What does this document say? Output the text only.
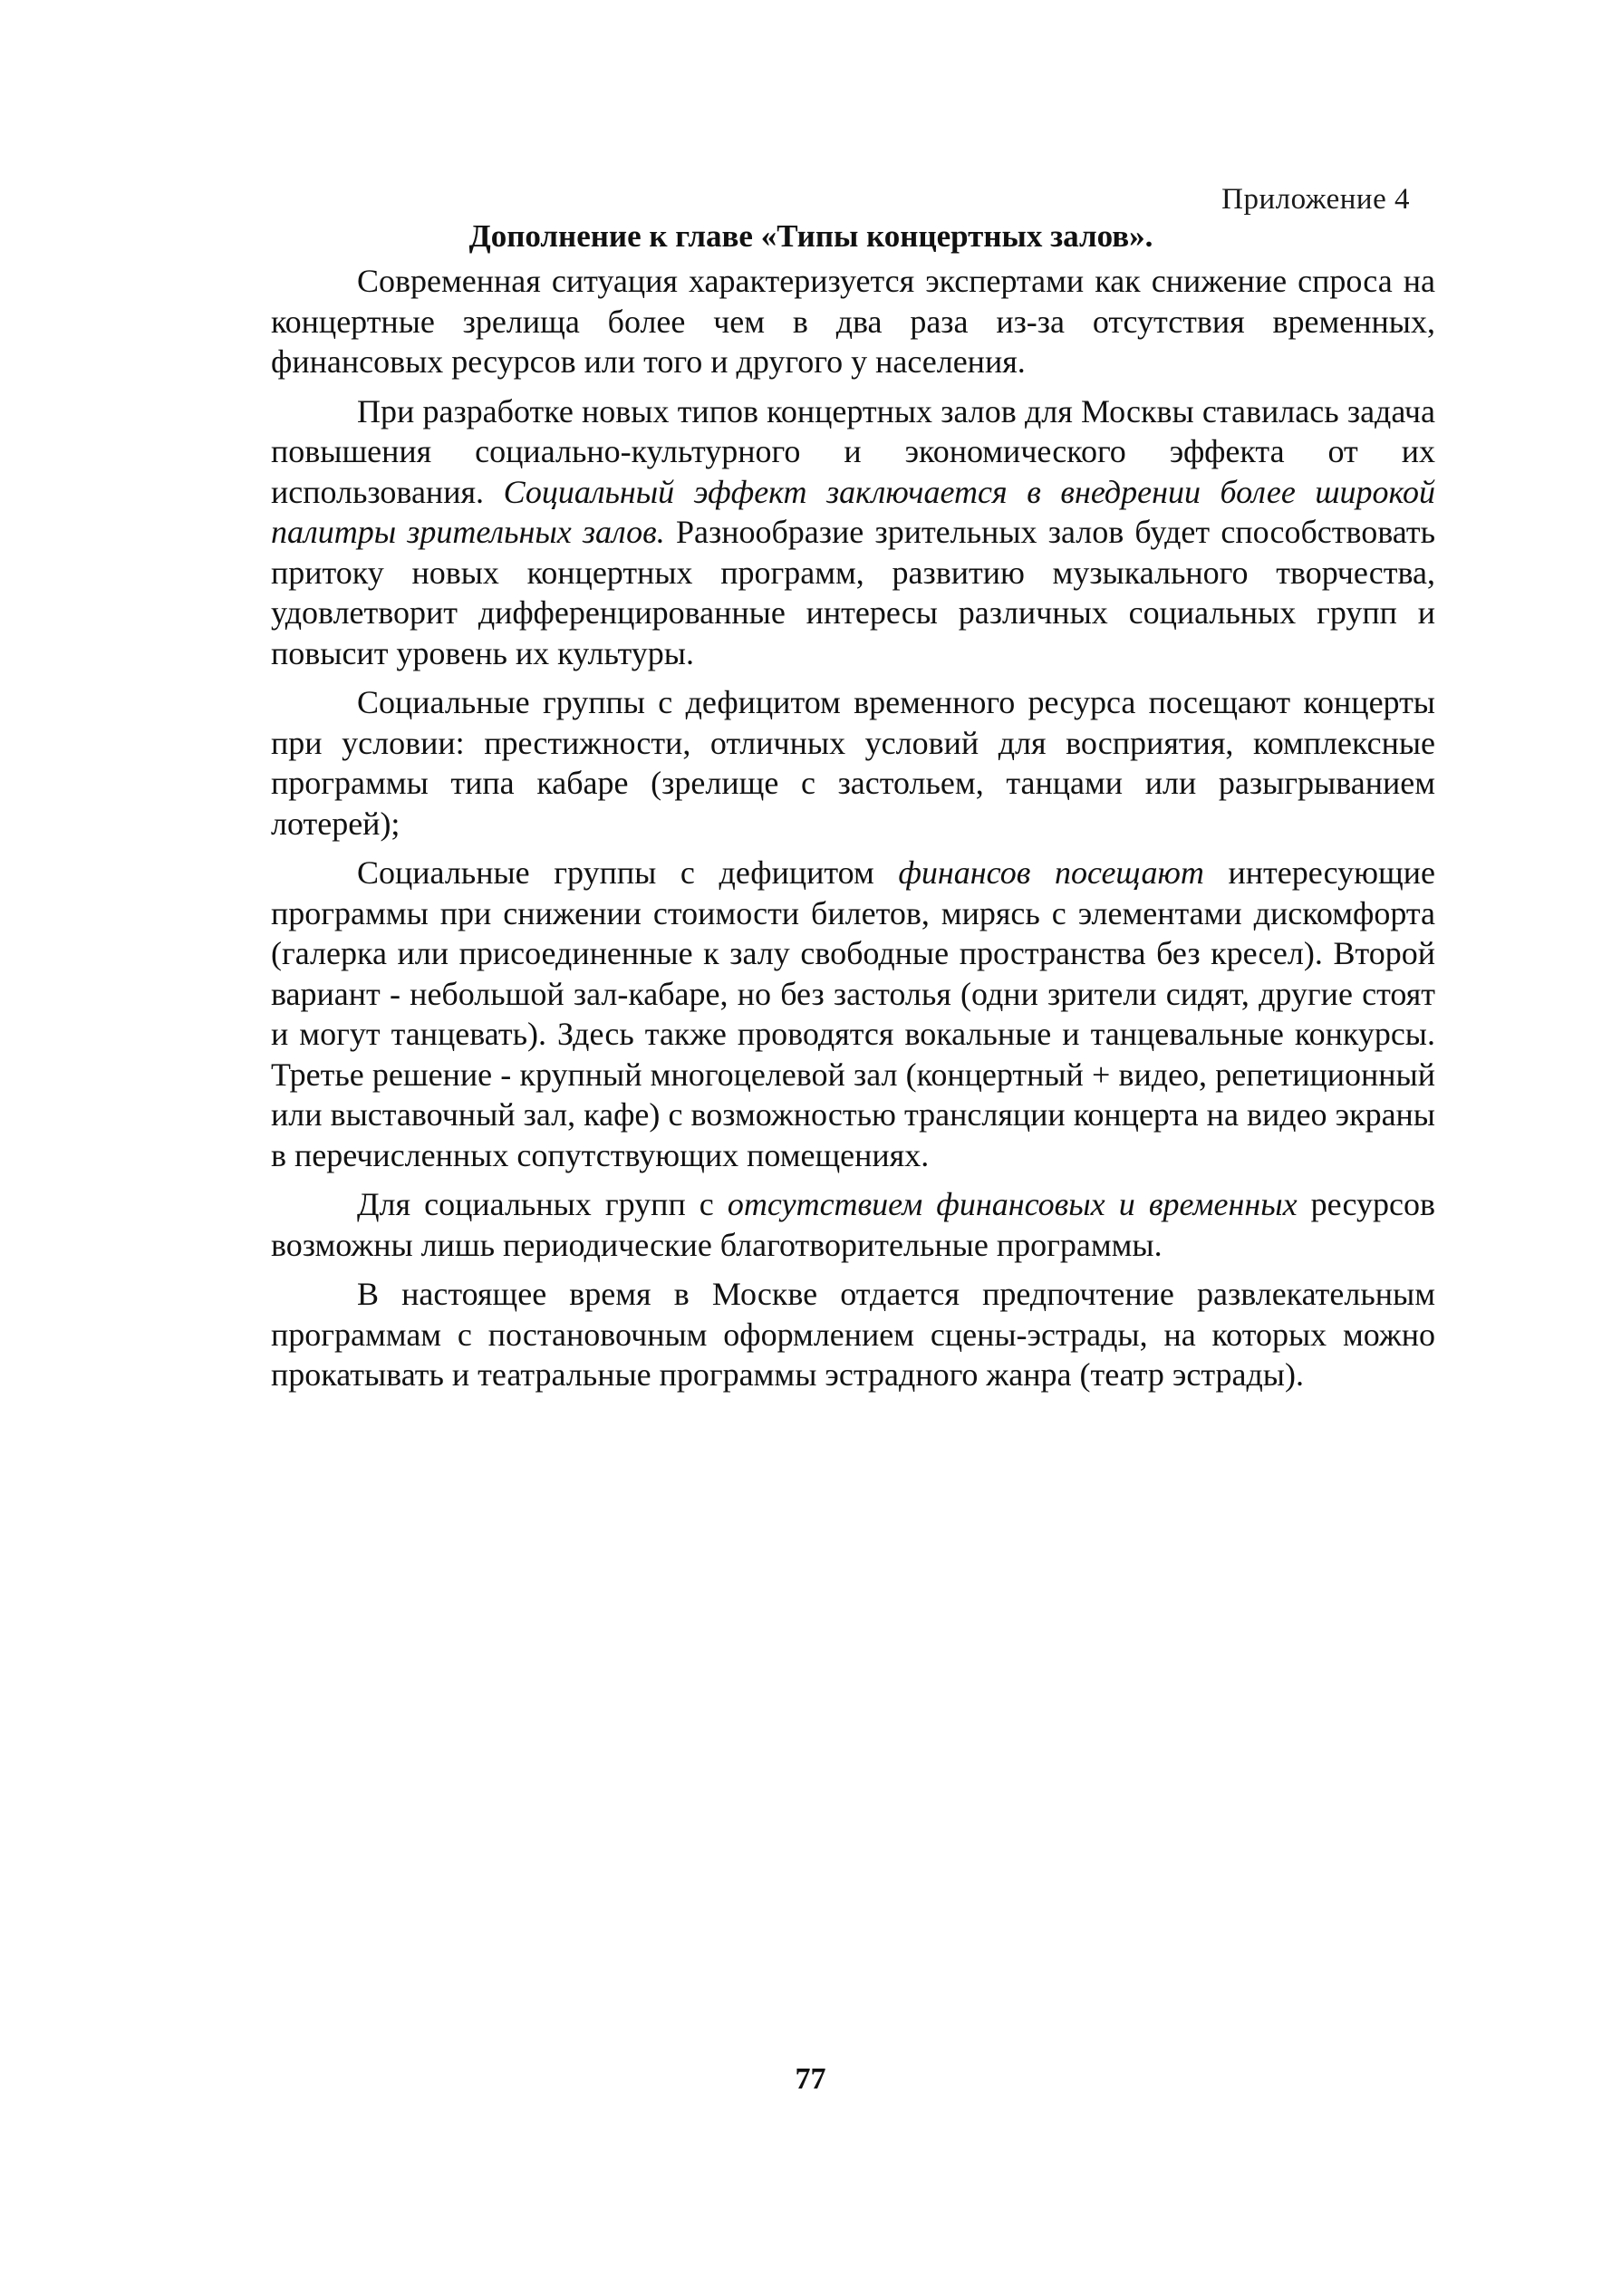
Приложение 4

Дополнение к главе «Типы концертных залов».

Современная ситуация характеризуется экспертами как снижение спроса на концертные зрелища более чем в два раза из-за отсутствия временных, финансовых ресурсов или того и другого у населения.

При разработке новых типов концертных залов для Москвы ставилась задача повышения социально-культурного и экономического эффекта от их использования. Социальный эффект заключается в внедрении более широкой палитры зрительных залов. Разнообразие зрительных залов будет способствовать притоку новых концертных программ, развитию музыкального творчества, удовлетворит дифференцированные интересы различных социальных групп и повысит уровень их культуры.

Социальные группы с дефицитом временного ресурса посещают концерты при условии: престижности, отличных условий для восприятия, комплексные программы типа кабаре (зрелище с застольем, танцами или разыгрыванием лотерей);

Социальные группы с дефицитом финансов посещают интересующие программы при снижении стоимости билетов, мирясь с элементами дискомфорта (галерка или присоединенные к залу свободные пространства без кресел). Второй вариант - небольшой зал-кабаре, но без застолья (одни зрители сидят, другие стоят и могут танцевать). Здесь также проводятся вокальные и танцевальные конкурсы. Третье решение - крупный многоцелевой зал (концертный + видео, репетиционный или выставочный зал, кафе) с возможностью трансляции концерта на видео экраны в перечисленных сопутствующих помещениях.

Для социальных групп с отсутствием финансовых и временных ресурсов возможны лишь периодические благотворительные программы.

В настоящее время в Москве отдается предпочтение развлекательным программам с постановочным оформлением сцены-эстрады, на которых можно прокатывать и театральные программы эстрадного жанра (театр эстрады).

77
